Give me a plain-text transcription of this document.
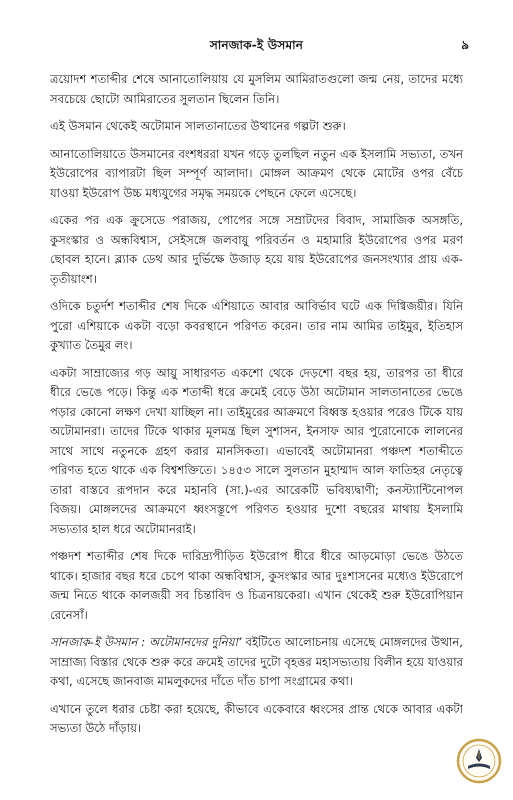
সানজাক-ই উসমান	৯

ত্রয়োদশ শতাব্দীর শেষে আনাতোলিয়ায় যে মুসলিম আমিরাতগুলো জন্ম নেয়, তাদের মধ্যে সবচেয়ে ছোটো আমিরাতের সুলতান ছিলেন তিনি।

এই উসমান থেকেই অটোমান সালতানাতের উত্থানের গল্পটা শুরু।

আনাতোলিয়াতে উসমানের বংশধররা যখন গড়ে তুলছিল নতুন এক ইসলামি সভ্যতা, তখন ইউরোপের ব্যাপারটা ছিল সম্পূর্ণ আলাদা। মোঙ্গল আক্রমণ থেকে মোটের ওপর বেঁচে যাওয়া ইউরোপ উচ্চ মধ্যযুগের সমৃদ্ধ সময়কে পেছনে ফেলে এসেছে।

একের পর এক ক্রুসেডে পরাজয়, পোপের সঙ্গে সম্রাটদের বিবাদ, সামাজিক অসঙ্গতি, কুসংস্কার ও অন্ধবিশ্বাস, সেইসঙ্গে জলবায়ু পরিবর্তন ও মহামারি ইউরোপের ওপর মরণ ছোবল হানে। ব্ল্যাক ডেথ আর দুর্ভিক্ষে উজাড় হয়ে যায় ইউরোপের জনসংখ্যার প্রায় এক-তৃতীয়াংশ।

ওদিকে চতুর্দশ শতাব্দীর শেষ দিকে এশিয়াতে আবার আবির্ভাব ঘটে এক দিগ্বিজয়ীর। যিনি পুরো এশিয়াকে একটা বড়ো কবরস্থানে পরিণত করেন। তার নাম আমির তাইমুর, ইতিহাস কুখ্যাত তৈমুর লং।

একটা সাম্রাজ্যের গড় আয়ু সাধারণত একশো থেকে দেড়শো বছর হয়, তারপর তা ধীরে ধীরে ভেঙে পড়ে। কিন্তু এক শতাব্দী ধরে ক্রমেই বেড়ে উঠা অটোমান সালতানাতের ভেঙে পড়ার কোনো লক্ষণ দেখা যাচ্ছিল না। তাইমুরের আক্রমণে বিধ্বস্ত হওয়ার পরেও টিকে যায় অটোমানরা। তাদের টিকে থাকার মূলমন্ত্র ছিল সুশাসন, ইনসাফ আর পুরোনোকে লালনের সাথে সাথে নতুনকে গ্রহণ করার মানসিকতা। এভাবেই অটোমানরা পঞ্চদশ শতাব্দীতে পরিণত হতে থাকে এক বিশ্বশক্তিতে। ১৪৫৩ সালে সুলতান মুহাম্মাদ আল ফাতিহর নেতৃত্বে তারা বাস্তবে রূপদান করে মহানবি (সা.)-এর আরেকটি ভবিষ্যদ্বাণী; কনস্ট্যান্টিনোপল বিজয়। মোঙ্গলদের আক্রমণে ধ্বংসস্তূপে পরিণত হওয়ার দুশো বছরের মাথায় ইসলামি সভ্যতার হাল ধরে অটোমানরাই।

পঞ্চদশ শতাব্দীর শেষ দিকে দারিদ্র্যপীড়িত ইউরোপ ধীরে ধীরে আড়মোড়া ভেঙে উঠতে থাকে। হাজার বছর ধরে চেপে থাকা অন্ধবিশ্বাস, কুসংস্কার আর দুঃশাসনের মধ্যেও ইউরোপে জন্ম নিতে থাকে কালজয়ী সব চিন্তাবিদ ও চিত্রনায়কেরা। এখান থেকেই শুরু ইউরোপিয়ান রেনেসাঁ।

সানজাক-ই উসমান : অটোমানদের দুনিয়া’ বইটিতে আলোচনায় এসেছে মোঙ্গলদের উত্থান, সাম্রাজ্য বিস্তার থেকে শুরু করে ক্রমেই তাদের দুটো বৃহত্তর মহাসভ্যতায় বিলীন হয়ে যাওয়ার কথা, এসেছে জানবাজ মামলুকদের দাঁতে দাঁত চাপা সংগ্রামের কথা।

এখানে তুলে ধরার চেষ্টা করা হয়েছে, কীভাবে একেবারে ধ্বংসের প্রান্ত থেকে আবার একটা সভ্যতা উঠে দাঁড়ায়।
